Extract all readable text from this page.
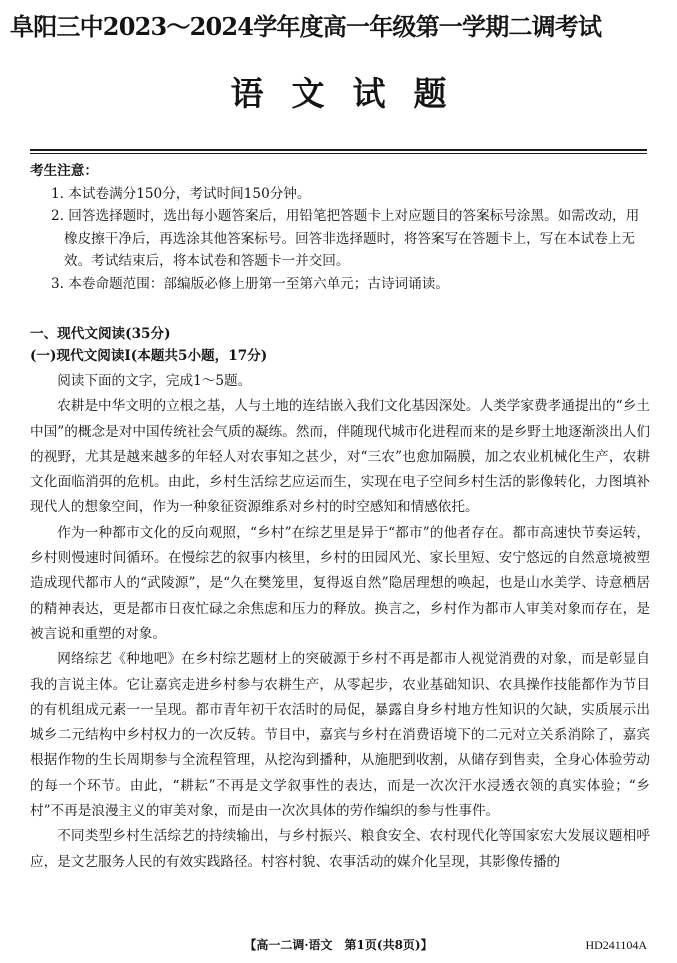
阜阳三中2023～2024学年度高一年级第一学期二调考试
语文试题
考生注意：

1. 本试卷满分150分，考试时间150分钟。

2. 回答选择题时，选出每小题答案后，用铅笔把答题卡上对应题目的答案标号涂黑。如需改动，用橡皮擦干净后，再选涂其他答案标号。回答非选择题时，将答案写在答题卡上，写在本试卷上无效。考试结束后，将本试卷和答题卡一并交回。

3. 本卷命题范围：部编版必修上册第一至第六单元；古诗词诵读。

一、现代文阅读(35分)
(一)现代文阅读Ⅰ(本题共5小题，17分)

阅读下面的文字，完成1～5题。

农耕是中华文明的立根之基，人与土地的连结嵌入我们文化基因深处。人类学家费孝通提出的“乡土中国”的概念是对中国传统社会气质的凝练。然而，伴随现代城市化进程而来的是乡野土地逐渐淡出人们的视野，尤其是越来越多的年轻人对农事知之甚少，对“三农”也愈加隔膜，加之农业机械化生产，农耕文化面临消弭的危机。由此，乡村生活综艺应运而生，实现在电子空间乡村生活的影像转化，力图填补现代人的想象空间，作为一种象征资源维系对乡村的时空感知和情感依托。

作为一种都市文化的反向观照，“乡村”在综艺里是异于“都市”的他者存在。都市高速快节奏运转，乡村则慢速时间循环。在慢综艺的叙事内核里，乡村的田园风光、家长里短、安宁悠远的自然意境被塑造成现代都市人的“武陵源”，是“久在樊笼里，复得返自然”隐居理想的唤起，也是山水美学、诗意栖居的精神表达，更是都市日夜忙碌之余焦虑和压力的释放。换言之，乡村作为都市人审美对象而存在，是被言说和重塑的对象。

网络综艺《种地吧》在乡村综艺题材上的突破源于乡村不再是都市人视觉消费的对象，而是彰显自我的言说主体。它让嘉宾走进乡村参与农耕生产，从零起步，农业基础知识、农具操作技能都作为节目的有机组成元素一一呈现。都市青年初干农活时的局促，暴露自身乡村地方性知识的欠缺，实质展示出城乡二元结构中乡村权力的一次反转。节目中，嘉宾与乡村在消费语境下的二元对立关系消除了，嘉宾根据作物的生长周期参与全流程管理，从挖沟到播种，从施肥到收割，从储存到售卖，全身心体验劳动的每一个环节。由此，“耕耘”不再是文学叙事性的表达，而是一次次汗水浸透衣领的真实体验；“乡村”不再是浪漫主义的审美对象，而是由一次次具体的劳作编织的参与性事件。

不同类型乡村生活综艺的持续输出，与乡村振兴、粮食安全、农村现代化等国家宏大发展议题相呼应，是文艺服务人民的有效实践路径。村容村貌、农事活动的媒介化呈现，其影像传播的

【高一二调·语文　第1页(共8页)】	HD241104A
